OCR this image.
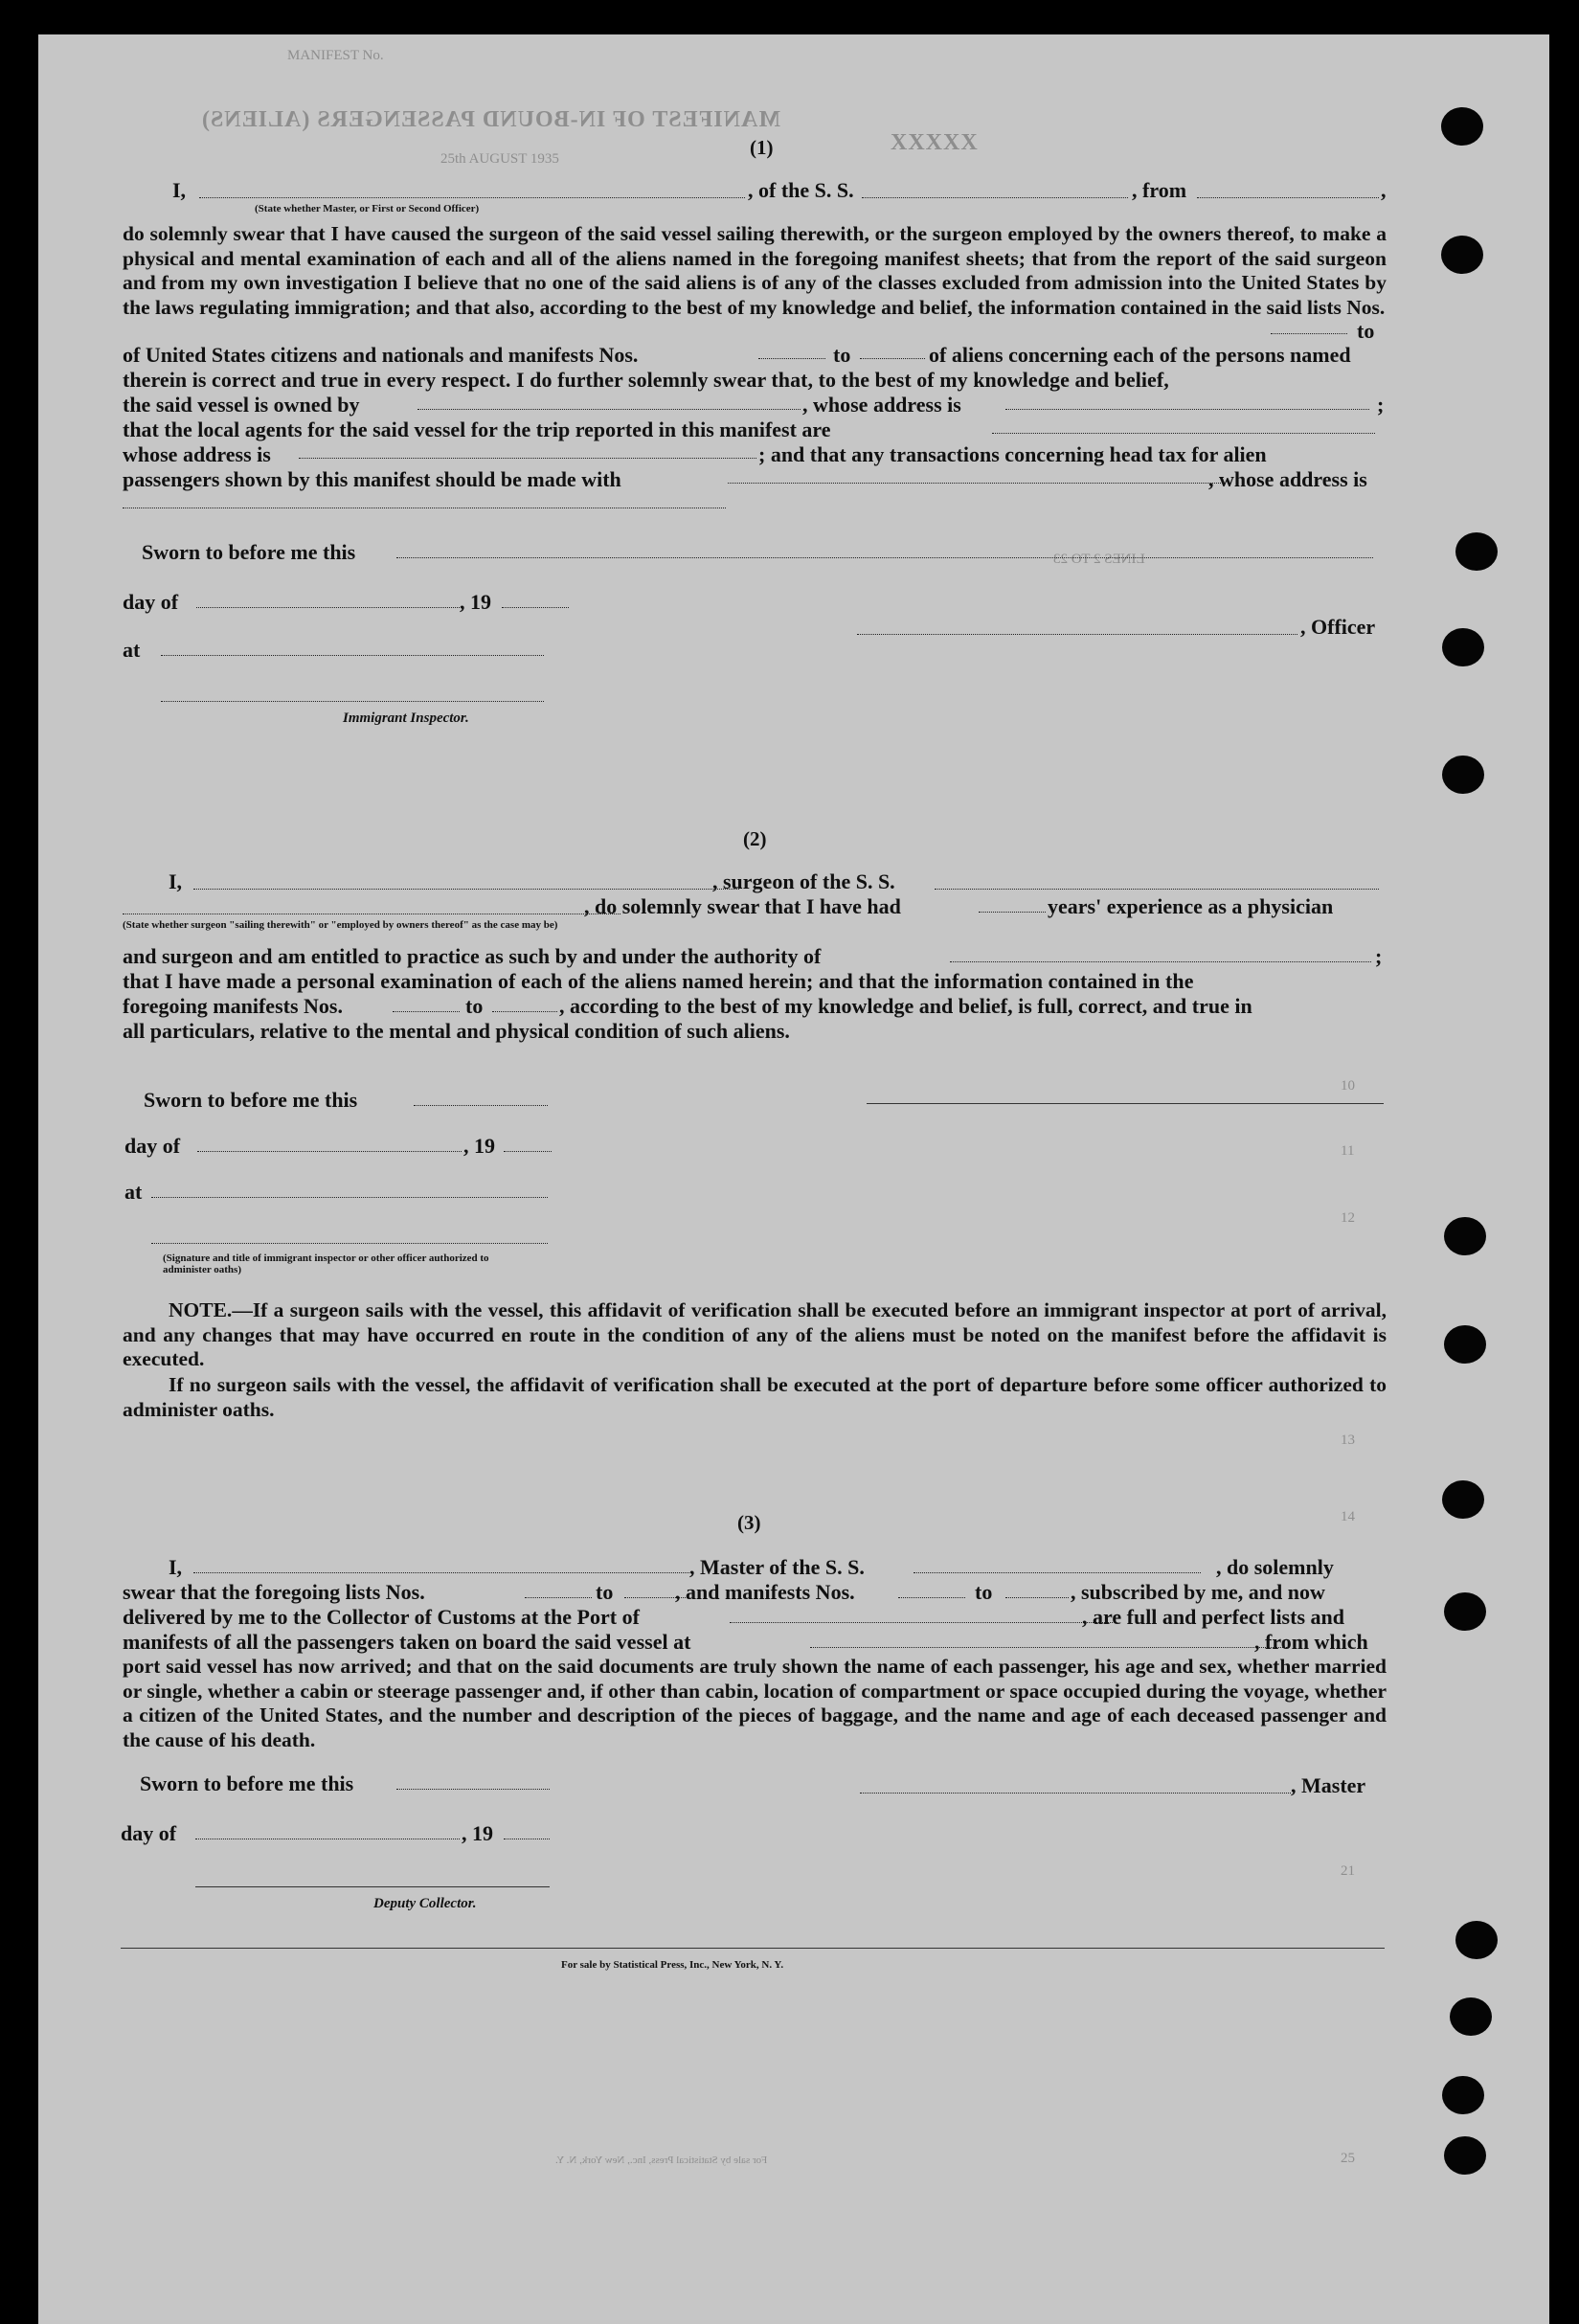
MANIFEST No.
MANIFEST OF IN-BOUND PASSENGERS (ALIENS)
XXXXX
25th AUGUST 1935
LINES 2 TO 23
10
11
12
13
14
21
25
(1)
I,
(State whether Master, or First or Second Officer)
, of the S. S.	, from	,
do solemnly swear that I have caused the surgeon of the said vessel sailing therewith, or the surgeon employed by the owners thereof, to make a physical and mental examination of each and all of the aliens named in the foregoing manifest sheets; that from the report of the said surgeon and from my own investigation I believe that no one of the said aliens is of any of the classes excluded from admission into the United States by the laws regulating immigration; and that also, according to the best of my knowledge and belief, the information contained in the said lists Nos.
to
of United States citizens and nationals and manifests Nos.	to	of aliens concerning each of the persons named
therein is correct and true in every respect. I do further solemnly swear that, to the best of my knowledge and belief,
the said vessel is owned by	, whose address is	;
that the local agents for the said vessel for the trip reported in this manifest are
whose address is	; and that any transactions concerning head tax for alien
passengers shown by this manifest should be made with	, whose address is
Sworn to before me this
day of	, 19
at
, Officer
Immigrant Inspector.
(2)
I,	, surgeon of the S. S.
, do solemnly swear that I have had	years' experience as a physician
(State whether surgeon "sailing therewith" or "employed by owners thereof" as the case may be)
and surgeon and am entitled to practice as such by and under the authority of	;
that I have made a personal examination of each of the aliens named herein; and that the information contained in the
foregoing manifests Nos.	to	, according to the best of my knowledge and belief, is full, correct, and true in
all particulars, relative to the mental and physical condition of such aliens.
Sworn to before me this
day of	, 19
at
(Signature and title of immigrant inspector or other officer authorized to administer oaths)
NOTE.—If a surgeon sails with the vessel, this affidavit of verification shall be executed before an immigrant inspector at port of arrival, and any changes that may have occurred en route in the condition of any of the aliens must be noted on the manifest before the affidavit is executed.
If no surgeon sails with the vessel, the affidavit of verification shall be executed at the port of departure before some officer authorized to administer oaths.
(3)
I,	, Master of the S. S.	, do solemnly
swear that the foregoing lists Nos.	to	, and manifests Nos.	to	, subscribed by me, and now
delivered by me to the Collector of Customs at the Port of	, are full and perfect lists and
manifests of all the passengers taken on board the said vessel at	, from which
port said vessel has now arrived; and that on the said documents are truly shown the name of each passenger, his age and sex, whether married or single, whether a cabin or steerage passenger and, if other than cabin, location of compartment or space occupied during the voyage, whether a citizen of the United States, and the number and description of the pieces of baggage, and the name and age of each deceased passenger and the cause of his death.
Sworn to before me this	, Master
day of	, 19
Deputy Collector.
For sale by Statistical Press, Inc., New York, N. Y.
For sale by Statistical Press, Inc., New York, N. Y.
